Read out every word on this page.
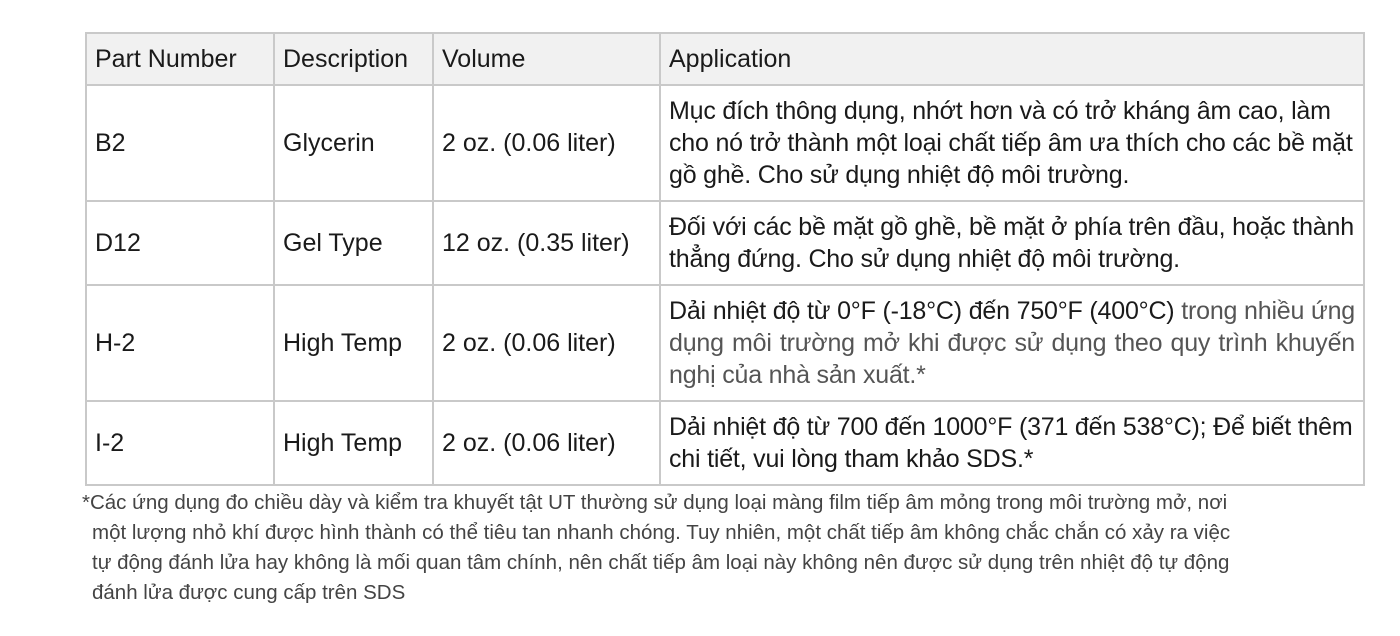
Part Number	Description	Volume	Application
B2	Glycerin	2 oz. (0.06 liter)	Mục đích thông dụng, nhớt hơn và có trở kháng âm cao, làm cho nó trở thành một loại chất tiếp âm ưa thích cho các bề mặt gồ ghề. Cho sử dụng nhiệt độ môi trường.
D12	Gel Type	12 oz. (0.35 liter)	Đối với các bề mặt gồ ghề, bề mặt ở phía trên đầu, hoặc thành thẳng đứng. Cho sử dụng nhiệt độ môi trường.
H-2	High Temp	2 oz. (0.06 liter)	Dải nhiệt độ từ 0°F (-18°C) đến 750°F (400°C) trong nhiều ứng dụng môi trường mở khi được sử dụng theo quy trình khuyến nghị của nhà sản xuất.*
I-2	High Temp	2 oz. (0.06 liter)	Dải nhiệt độ từ 700 đến 1000°F (371 đến 538°C); Để biết thêm chi tiết, vui lòng tham khảo SDS.*
*Các ứng dụng đo chiều dày và kiểm tra khuyết tật UT thường sử dụng loại màng film tiếp âm mỏng trong môi trường mở, nơi
một lượng nhỏ khí được hình thành có thể tiêu tan nhanh chóng. Tuy nhiên, một chất tiếp âm không chắc chắn có xảy ra việc
tự động đánh lửa hay không là mối quan tâm chính, nên chất tiếp âm loại này không nên được sử dụng trên nhiệt độ tự động
đánh lửa được cung cấp trên SDS
